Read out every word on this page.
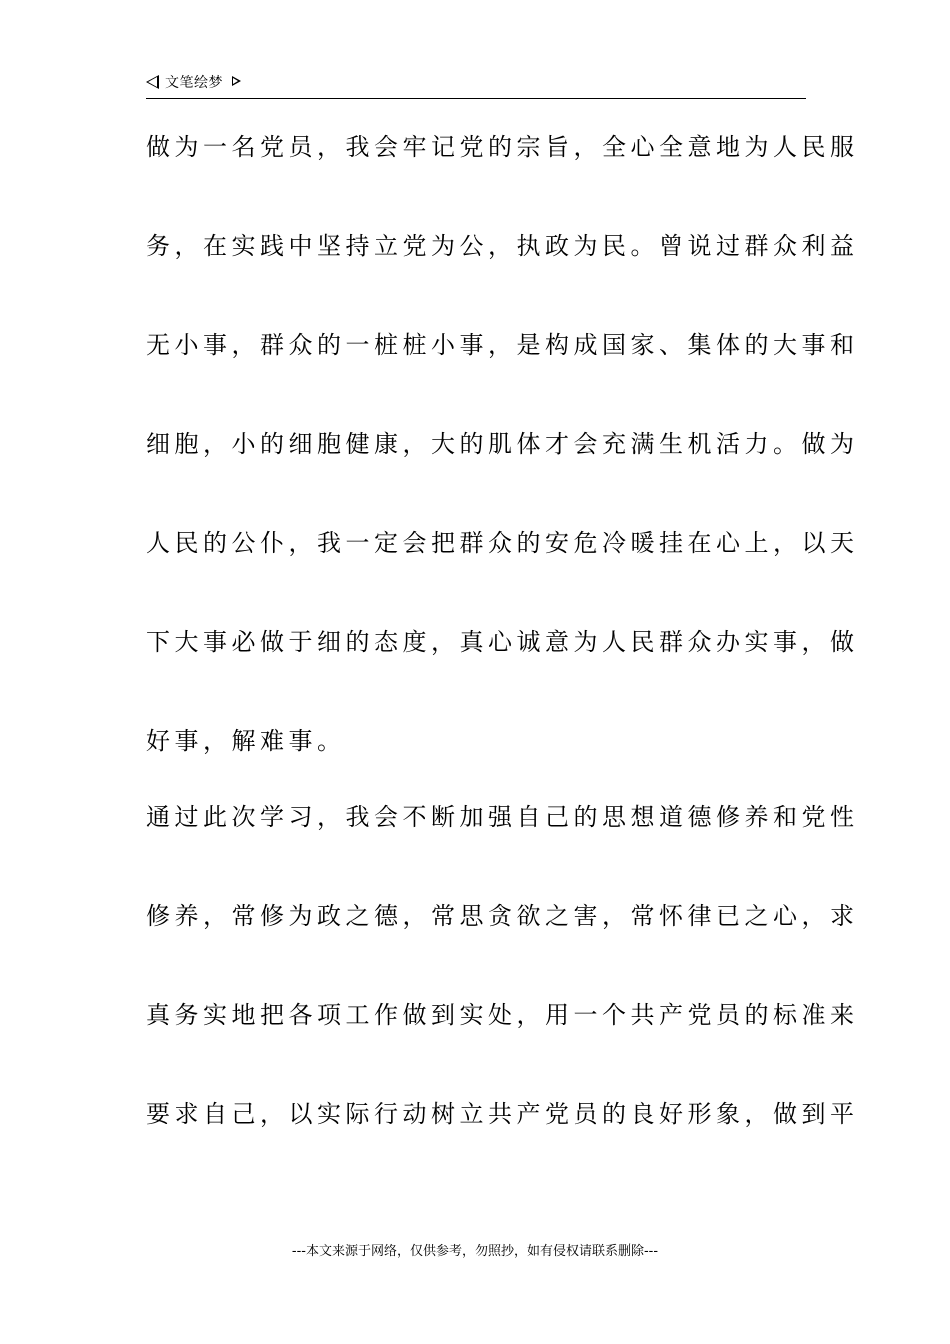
文笔绘梦
做为一名党员，我会牢记党的宗旨，全心全意地为人民服
务，在实践中坚持立党为公，执政为民。曾说过群众利益
无小事，群众的一桩桩小事，是构成国家、集体的大事和
细胞，小的细胞健康，大的肌体才会充满生机活力。做为
人民的公仆，我一定会把群众的安危冷暖挂在心上，以天
下大事必做于细的态度，真心诚意为人民群众办实事，做
好事，解难事。
通过此次学习，我会不断加强自己的思想道德修养和党性
修养，常修为政之德，常思贪欲之害，常怀律已之心，求
真务实地把各项工作做到实处，用一个共产党员的标准来
要求自己，以实际行动树立共产党员的良好形象，做到平
---本文来源于网络，仅供参考，勿照抄，如有侵权请联系删除---
